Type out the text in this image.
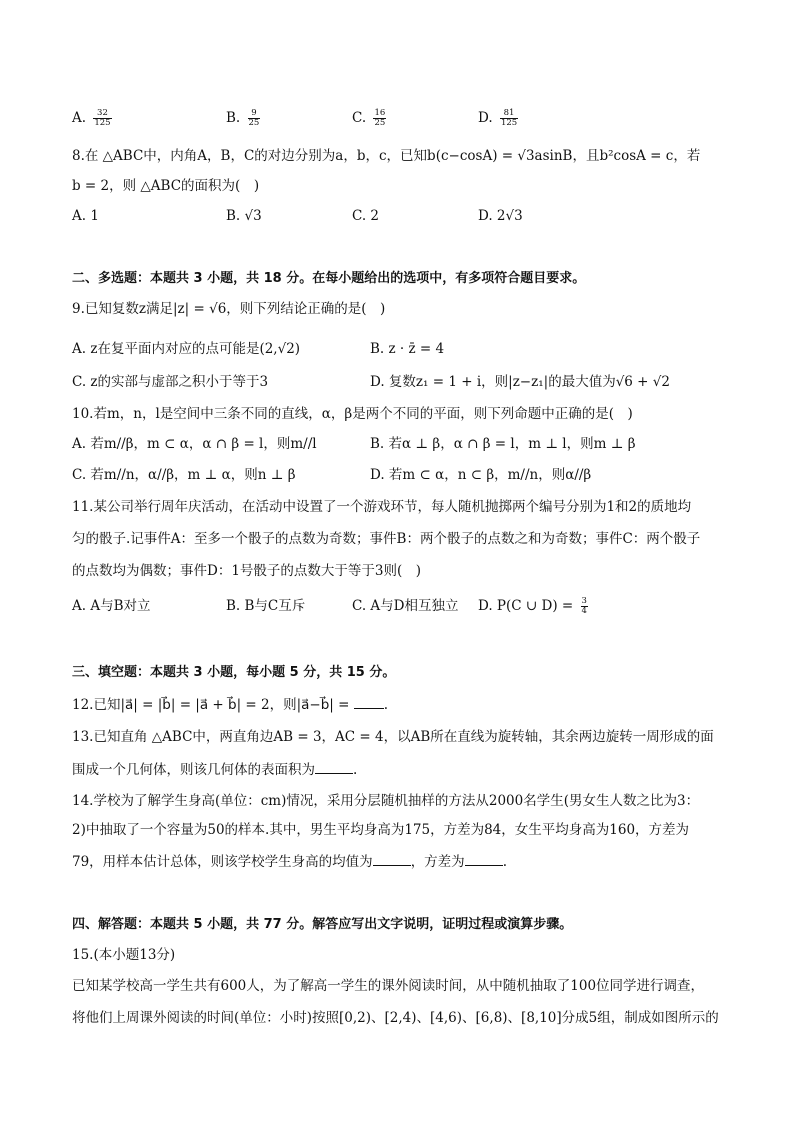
A. $\frac{32}{125}$	B. $\frac{9}{25}$	C. $\frac{16}{25}$	D. $\frac{81}{125}$
8.在 △ABC中，内角A，B，C的对边分别为a，b，c，已知b(c−cosA) = √3asinB，且b²cosA = c，若
b = 2，则 △ABC的面积为(　)
A. 1	B. √3	C. 2	D. 2√3
二、多选题：本题共 3 小题，共 18 分。在每小题给出的选项中，有多项符合题目要求。
9.已知复数z满足|z| = √6，则下列结论正确的是(　)
A. z在复平面内对应的点可能是(2,√2)	B. z · z̄ = 4
C. z的实部与虚部之积小于等于3	D. 复数z₁ = 1 + i，则|z−z₁|的最大值为√6 + √2
10.若m，n，l是空间中三条不同的直线，α，β是两个不同的平面，则下列命题中正确的是(　)
A. 若m//β，m ⊂ α，α ∩ β = l，则m//l	B. 若α ⊥ β，α ∩ β = l，m ⊥ l，则m ⊥ β
C. 若m//n，α//β，m ⊥ α，则n ⊥ β	D. 若m ⊂ α，n ⊂ β，m//n，则α//β
11.某公司举行周年庆活动，在活动中设置了一个游戏环节，每人随机抛掷两个编号分别为1和2的质地均
匀的骰子.记事件A：至多一个骰子的点数为奇数；事件B：两个骰子的点数之和为奇数；事件C：两个骰子
的点数均为偶数；事件D：1号骰子的点数大于等于3则(　)
A. A与B对立	B. B与C互斥	C. A与D相互独立 D. P(C ∪ $D) = \frac{3}{4}$
三、填空题：本题共 3 小题，每小题 5 分，共 15 分。
12.已知|a⃗| = |b⃗| = |a⃗ + b⃗| = 2，则|a⃗−b⃗| =	.
13.已知直角 △ABC中，两直角边AB = 3，AC = 4，以AB所在直线为旋转轴，其余两边旋转一周形成的面
围成一个几何体，则该几何体的表面积为	.
14.学校为了解学生身高(单位：cm)情况，采用分层随机抽样的方法从2000名学生(男女生人数之比为3：
2)中抽取了一个容量为50的样本.其中，男生平均身高为175，方差为84，女生平均身高为160，方差为
79，用样本估计总体，则该学校学生身高的均值为	，方差为	.
四、解答题：本题共 5 小题，共 77 分。解答应写出文字说明，证明过程或演算步骤。
15.(本小题13分)
已知某学校高一学生共有600人，为了解高一学生的课外阅读时间，从中随机抽取了100位同学进行调查，
将他们上周课外阅读的时间(单位：小时)按照[0,2)、[2,4)、[4,6)、[6,8)、[8,10]分成5组，制成如图所示的
